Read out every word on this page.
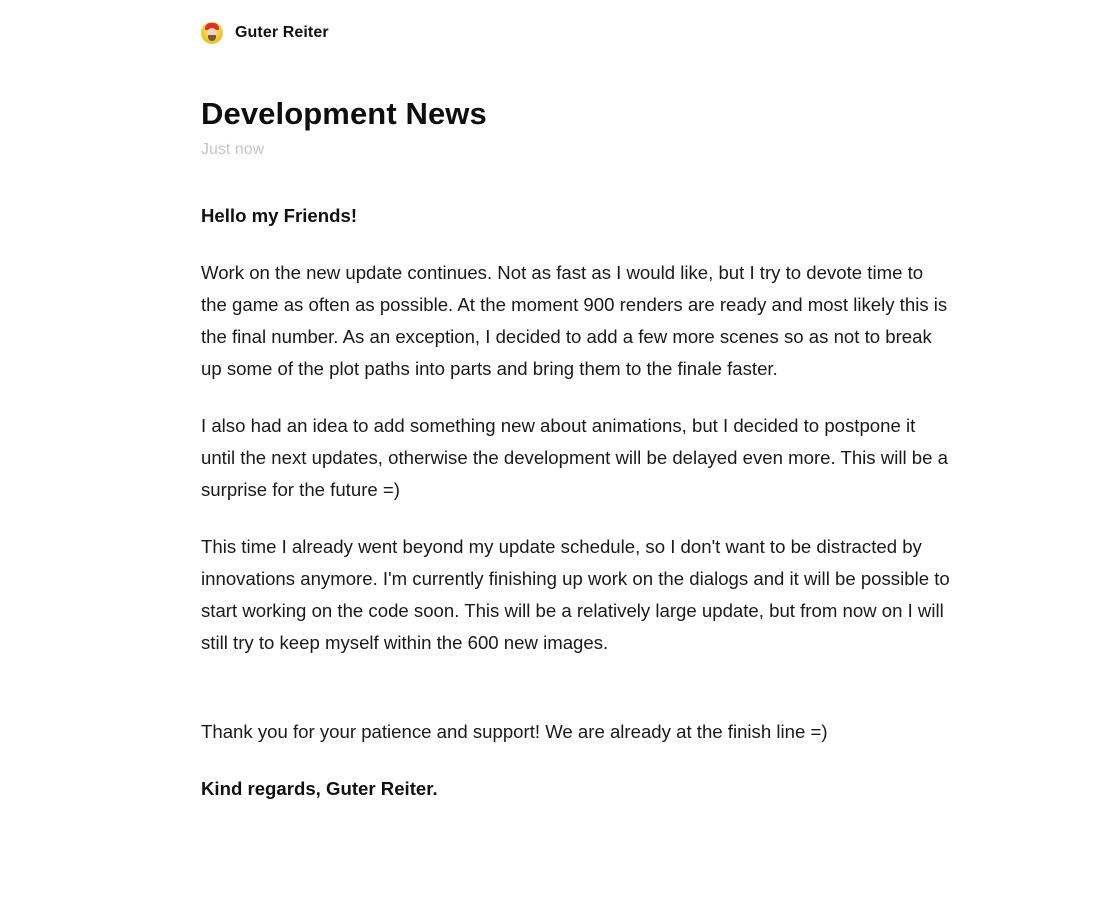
Guter Reiter
Development News
Just now

Hello my Friends!

Work on the new update continues. Not as fast as I would like, but I try to devote time to the game as often as possible. At the moment 900 renders are ready and most likely this is the final number. As an exception, I decided to add a few more scenes so as not to break up some of the plot paths into parts and bring them to the finale faster.

I also had an idea to add something new about animations, but I decided to postpone it until the next updates, otherwise the development will be delayed even more. This will be a surprise for the future =)

This time I already went beyond my update schedule, so I don't want to be distracted by innovations anymore. I'm currently finishing up work on the dialogs and it will be possible to start working on the code soon. This will be a relatively large update, but from now on I will still try to keep myself within the 600 new images.

Thank you for your patience and support! We are already at the finish line =)

Kind regards, Guter Reiter.
